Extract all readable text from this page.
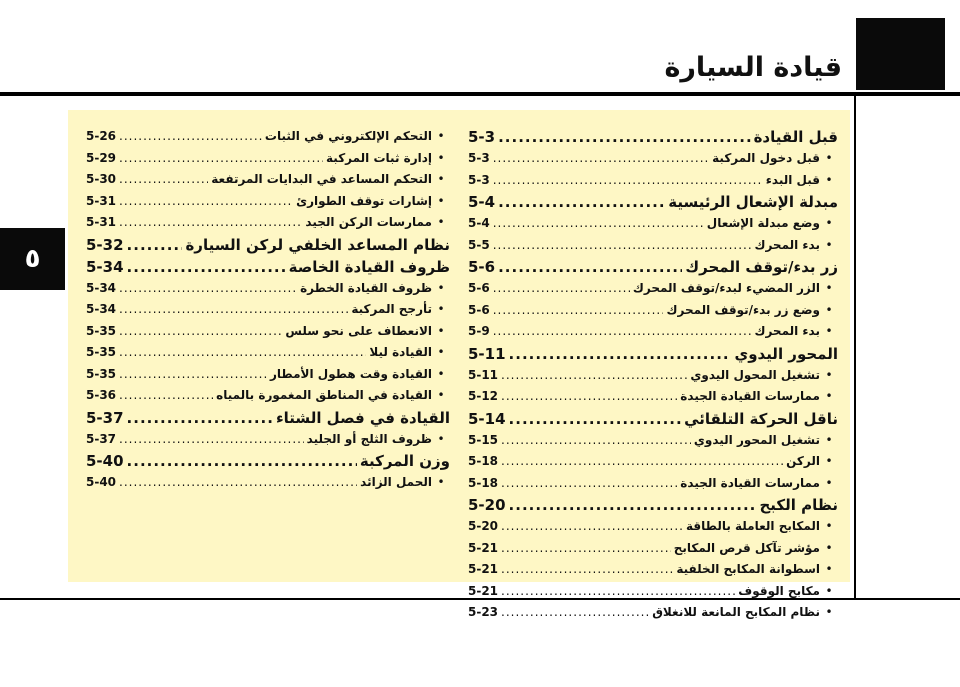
قيادة السيارة
٥
قبل القيادة
.....
5-3
•
قبل دخول المركبة
.....
5-3
•
قبل البدء
.....
5-3
مبدلة الإشعال الرئيسية
.....
5-4
•
وضع مبدلة الإشعال
.....
5-4
•
بدء المحرك
.....
5-5
زر بدء/توقف المحرك
.....
5-6
•
الزر المضيء لبدء/توقف المحرك
.....
5-6
•
وضع زر بدء/توقف المحرك
.....
5-6
•
بدء المحرك
.....
5-9
المحور اليدوي
.....
5-11
•
تشغيل المحول اليدوي
.....
5-11
•
ممارسات القيادة الجيدة
.....
5-12
ناقل الحركة التلقائي
.....
5-14
•
تشغيل المحور اليدوي
.....
5-15
•
الركن
.....
5-18
•
ممارسات القيادة الجيدة
.....
5-18
نظام الكبح
.....
5-20
•
المكابح العاملة بالطاقة
.....
5-20
•
مؤشر تآكل قرص المكابح
.....
5-21
•
اسطوانة المكابح الخلفية
.....
5-21
•
مكابح الوقوف
.....
5-21
•
نظام المكابح المانعة للانغلاق
.....
5-23
•
التحكم الإلكتروني في الثبات
.....
5-26
•
إدارة ثبات المركبة
.....
5-29
•
التحكم المساعد في البدايات المرتفعة
.....
5-30
•
إشارات توقف الطوارئ
.....
5-31
•
ممارسات الركن الجيد
.....
5-31
نظام المساعد الخلفي لركن السيارة
.....
5-32
ظروف القيادة الخاصة
.....
5-34
•
ظروف القيادة الخطرة
.....
5-34
•
تأرجح المركبة
.....
5-34
•
الانعطاف على نحو سلس
.....
5-35
•
القيادة ليلا
.....
5-35
•
القيادة وقت هطول الأمطار
.....
5-35
•
القيادة في المناطق المغمورة بالمياه
.....
5-36
القيادة في فصل الشتاء
.....
5-37
•
ظروف الثلج أو الجليد
.....
5-37
وزن المركبة
.....
5-40
•
الحمل الزائد
.....
5-40
